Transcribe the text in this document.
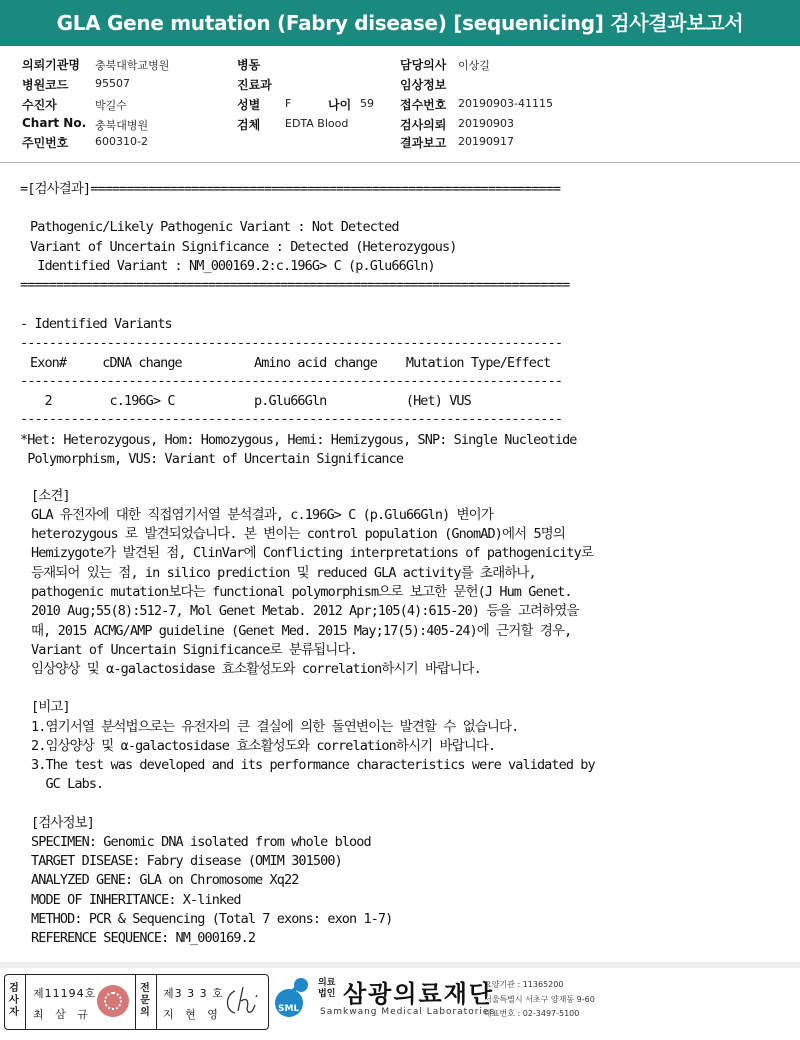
GLA Gene mutation (Fabry disease) [sequenicing] 검사결과보고서
의뢰기관명 충북대학교병원
병원코드 95507
수진자	박길수
Chart No. 충북대병원
주민번호 600310-2
병동
진료과
성별 F	나이 59
검체 EDTA Blood
담당의사 이상길
임상정보
접수번호 20190903-41115
검사의뢰 20190903
결과보고 20190917
=[검사결과]=================================================================
Pathogenic/Likely Pathogenic Variant : Not Detected
Variant of Uncertain Significance : Detected (Heterozygous)
Identified Variant : NM_000169.2:c.196G> C (p.Glu66Gln)
============================================================================
- Identified Variants
---------------------------------------------------------------------------
Exon#     cDNA change          Amino acid change    Mutation Type/Effect
---------------------------------------------------------------------------
2        c.196G> C           p.Glu66Gln           (Het) VUS
---------------------------------------------------------------------------
*Het: Heterozygous, Hom: Homozygous, Hemi: Hemizygous, SNP: Single Nucleotide
Polymorphism, VUS: Variant of Uncertain Significance
[소견]
GLA 유전자에 대한 직접염기서열 분석결과, c.196G> C (p.Glu66Gln) 변이가
heterozygous 로 발견되었습니다. 본 변이는 control population (GnomAD)에서 5명의
Hemizygote가 발견된 점, ClinVar에 Conflicting interpretations of pathogenicity로
등재되어 있는 점, in silico prediction 및 reduced GLA activity를 초래하나,
pathogenic mutation보다는 functional polymorphism으로 보고한 문헌(J Hum Genet.
2010 Aug;55(8):512-7, Mol Genet Metab. 2012 Apr;105(4):615-20) 등을 고려하였을
때, 2015 ACMG/AMP guideline (Genet Med. 2015 May;17(5):405-24)에 근거할 경우,
Variant of Uncertain Significance로 분류됩니다.
임상양상 및 α-galactosidase 효소활성도와 correlation하시기 바랍니다.
[비고]
1.염기서열 분석법으로는 유전자의 큰 결실에 의한 돌연변이는 발견할 수 없습니다.
2.임상양상 및 α-galactosidase 효소활성도와 correlation하시기 바랍니다.
3.The test was developed and its performance characteristics were validated by
GC Labs.
[검사정보]
SPECIMEN: Genomic DNA isolated from whole blood
TARGET DISEASE: Fabry disease (OMIM 301500)
ANALYZED GENE: GLA on Chromosome Xq22
MODE OF INHERITANCE: X-linked
METHOD: PCR & Sequencing (Total 7 exons: exon 1-7)
REFERENCE SEQUENCE: NM_000169.2
검사자
제11194호
최 삼 규
전문의
제3 3 3 호
지 현 영	SML
의료
법인 삼광의료재단
Samkwang Medical Laboratories
요양기관 : 11365200
서울특별시 서초구 양재동 9-60
대표번호 : 02-3497-5100
